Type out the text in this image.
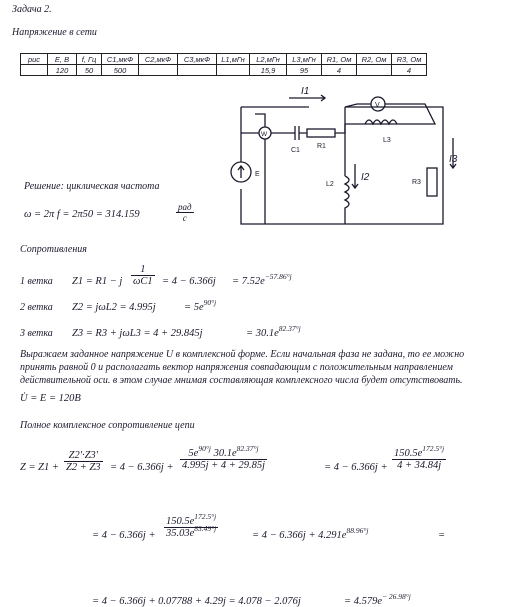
Задача 2.
Напряжение в сети
рис	E, В	f, Гц	С1,мкФ	С2,мкФ	С3,мкФ	L1,мГн	L2,мГн	L3,мГн	R1, Ом	R2, Ом	R3, Ом
	120	50	500				15,9	95	4		4
V
W
C1
R1
L3
L2	R3
E
I1
I2
I3
Решение: циклическая частота
ω = 2π f = 2π50 = 314.159
рад
с
Сопротивления
1 ветка Z1 = R1 − j $\frac{1}{\omega C1} = 4 - 6.366j = 7.52e^{-57.86^\circ j}$
2 ветка Z2 = jωL2 = 4.995j	= $5e^{90^\circ j}$
3 ветка Z3 = R3 + jωL3 = 4 + 29.845j	= $30.1e^{82.37^\circ j}$
Выражаем заданное напряжение U в комплексной форме. Если начальная фаза не задана, то ее можно
принять равной 0 и располагать вектор напряжения совпадающим с положительным направлением
действительной оси. в этом случае мнимая составляющая комплексного числа будет отсутствовать.
U̇ = E = 120B
Полное комплексное сопротивление цепи
$Z = Z1 + \frac{Z2'\cdot Z3'}{Z2 + Z3} = 4 - 6.366j + \frac{5e^{90^\circ j} 30.1e^{82.37^\circ j}}{4.995j + 4 + 29.85j}$	= $4 - 6.366j + \frac{150.5e^{172.5^\circ j}}{4 + 34.84j}$
= $4 - 6.366j + \frac{150.5e^{172.5^\circ j}}{35.03e^{83.49^\circ j}}$	= $4 - 6.366j + 4.291e^{88.96^\circ j}$	=
= 4 − 6.366j + 0.07788 + 4.29j = 4.078 − 2.076j	= $4.579e^{- 26.98^\circ j}$
